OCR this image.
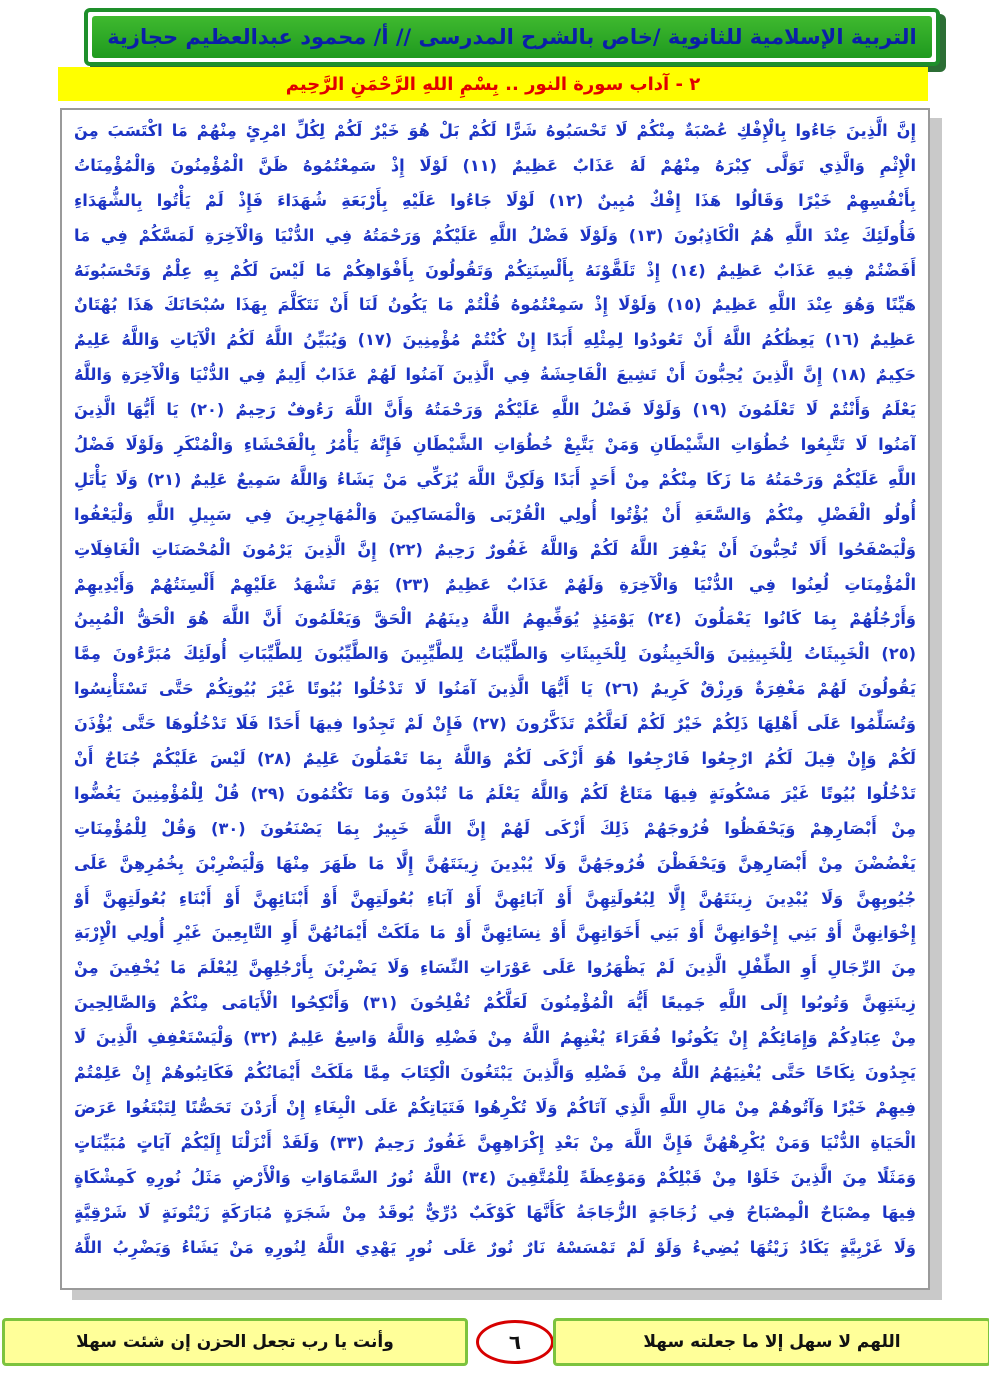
التربية الإسلامية للثانوية /خاص بالشرح المدرسى // أ/ محمود عبدالعظيم حجازية
٢ - آداب سورة النور .. بِسْمِ اللهِ الرَّحْمَنِ الرَّحِيم
إِنَّ الَّذِينَ جَاءُوا بِالْإِفْكِ عُصْبَةٌ مِنْكُمْ لَا تَحْسَبُوهُ شَرًّا لَكُمْ بَلْ هُوَ خَيْرٌ لَكُمْ لِكُلِّ امْرِئٍ مِنْهُمْ مَا اكْتَسَبَ مِنَ
الْإِثْمِ وَالَّذِي تَوَلَّى كِبْرَهُ مِنْهُمْ لَهُ عَذَابٌ عَظِيمٌ (١١) لَوْلَا إِذْ سَمِعْتُمُوهُ ظَنَّ الْمُؤْمِنُونَ وَالْمُؤْمِنَاتُ
بِأَنْفُسِهِمْ خَيْرًا وَقَالُوا هَذَا إِفْكٌ مُبِينٌ (١٢) لَوْلَا جَاءُوا عَلَيْهِ بِأَرْبَعَةِ شُهَدَاءَ فَإِذْ لَمْ يَأْتُوا بِالشُّهَدَاءِ
فَأُولَئِكَ عِنْدَ اللَّهِ هُمُ الْكَاذِبُونَ (١٣) وَلَوْلَا فَضْلُ اللَّهِ عَلَيْكُمْ وَرَحْمَتُهُ فِي الدُّنْيَا وَالْآخِرَةِ لَمَسَّكُمْ فِي مَا
أَفَضْتُمْ فِيهِ عَذَابٌ عَظِيمٌ (١٤) إِذْ تَلَقَّوْنَهُ بِأَلْسِنَتِكُمْ وَتَقُولُونَ بِأَفْوَاهِكُمْ مَا لَيْسَ لَكُمْ بِهِ عِلْمٌ وَتَحْسَبُونَهُ
هَيِّنًا وَهُوَ عِنْدَ اللَّهِ عَظِيمٌ (١٥) وَلَوْلَا إِذْ سَمِعْتُمُوهُ قُلْتُمْ مَا يَكُونُ لَنَا أَنْ نَتَكَلَّمَ بِهَذَا سُبْحَانَكَ هَذَا بُهْتَانٌ
عَظِيمٌ (١٦) يَعِظُكُمُ اللَّهُ أَنْ تَعُودُوا لِمِثْلِهِ أَبَدًا إِنْ كُنْتُمْ مُؤْمِنِينَ (١٧) وَيُبَيِّنُ اللَّهُ لَكُمُ الْآيَاتِ وَاللَّهُ عَلِيمٌ
حَكِيمٌ (١٨) إِنَّ الَّذِينَ يُحِبُّونَ أَنْ تَشِيعَ الْفَاحِشَةُ فِي الَّذِينَ آمَنُوا لَهُمْ عَذَابٌ أَلِيمٌ فِي الدُّنْيَا وَالْآخِرَةِ وَاللَّهُ
يَعْلَمُ وَأَنْتُمْ لَا تَعْلَمُونَ (١٩) وَلَوْلَا فَضْلُ اللَّهِ عَلَيْكُمْ وَرَحْمَتُهُ وَأَنَّ اللَّهَ رَءُوفٌ رَحِيمٌ (٢٠) يَا أَيُّهَا الَّذِينَ
آمَنُوا لَا تَتَّبِعُوا خُطُوَاتِ الشَّيْطَانِ وَمَنْ يَتَّبِعْ خُطُوَاتِ الشَّيْطَانِ فَإِنَّهُ يَأْمُرُ بِالْفَحْشَاءِ وَالْمُنْكَرِ وَلَوْلَا فَضْلُ
اللَّهِ عَلَيْكُمْ وَرَحْمَتُهُ مَا زَكَا مِنْكُمْ مِنْ أَحَدٍ أَبَدًا وَلَكِنَّ اللَّهَ يُزَكِّي مَنْ يَشَاءُ وَاللَّهُ سَمِيعٌ عَلِيمٌ (٢١) وَلَا يَأْتَلِ
أُولُو الْفَضْلِ مِنْكُمْ وَالسَّعَةِ أَنْ يُؤْتُوا أُولِي الْقُرْبَى وَالْمَسَاكِينَ وَالْمُهَاجِرِينَ فِي سَبِيلِ اللَّهِ وَلْيَعْفُوا
وَلْيَصْفَحُوا أَلَا تُحِبُّونَ أَنْ يَغْفِرَ اللَّهُ لَكُمْ وَاللَّهُ غَفُورٌ رَحِيمٌ (٢٢) إِنَّ الَّذِينَ يَرْمُونَ الْمُحْصَنَاتِ الْغَافِلَاتِ
الْمُؤْمِنَاتِ لُعِنُوا فِي الدُّنْيَا وَالْآخِرَةِ وَلَهُمْ عَذَابٌ عَظِيمٌ (٢٣) يَوْمَ تَشْهَدُ عَلَيْهِمْ أَلْسِنَتُهُمْ وَأَيْدِيهِمْ
وَأَرْجُلُهُمْ بِمَا كَانُوا يَعْمَلُونَ (٢٤) يَوْمَئِذٍ يُوَفِّيهِمُ اللَّهُ دِينَهُمُ الْحَقَّ وَيَعْلَمُونَ أَنَّ اللَّهَ هُوَ الْحَقُّ الْمُبِينُ
(٢٥) الْخَبِيثَاتُ لِلْخَبِيثِينَ وَالْخَبِيثُونَ لِلْخَبِيثَاتِ وَالطَّيِّبَاتُ لِلطَّيِّبِينَ وَالطَّيِّبُونَ لِلطَّيِّبَاتِ أُولَئِكَ مُبَرَّءُونَ مِمَّا
يَقُولُونَ لَهُمْ مَغْفِرَةٌ وَرِزْقٌ كَرِيمٌ (٢٦) يَا أَيُّهَا الَّذِينَ آمَنُوا لَا تَدْخُلُوا بُيُوتًا غَيْرَ بُيُوتِكُمْ حَتَّى تَسْتَأْنِسُوا
وَتُسَلِّمُوا عَلَى أَهْلِهَا ذَلِكُمْ خَيْرٌ لَكُمْ لَعَلَّكُمْ تَذَكَّرُونَ (٢٧) فَإِنْ لَمْ تَجِدُوا فِيهَا أَحَدًا فَلَا تَدْخُلُوهَا حَتَّى يُؤْذَنَ
لَكُمْ وَإِنْ قِيلَ لَكُمُ ارْجِعُوا فَارْجِعُوا هُوَ أَزْكَى لَكُمْ وَاللَّهُ بِمَا تَعْمَلُونَ عَلِيمٌ (٢٨) لَيْسَ عَلَيْكُمْ جُنَاحٌ أَنْ
تَدْخُلُوا بُيُوتًا غَيْرَ مَسْكُونَةٍ فِيهَا مَتَاعٌ لَكُمْ وَاللَّهُ يَعْلَمُ مَا تُبْدُونَ وَمَا تَكْتُمُونَ (٢٩) قُلْ لِلْمُؤْمِنِينَ يَغُضُّوا
مِنْ أَبْصَارِهِمْ وَيَحْفَظُوا فُرُوجَهُمْ ذَلِكَ أَزْكَى لَهُمْ إِنَّ اللَّهَ خَبِيرٌ بِمَا يَصْنَعُونَ (٣٠) وَقُلْ لِلْمُؤْمِنَاتِ
يَغْضُضْنَ مِنْ أَبْصَارِهِنَّ وَيَحْفَظْنَ فُرُوجَهُنَّ وَلَا يُبْدِينَ زِينَتَهُنَّ إِلَّا مَا ظَهَرَ مِنْهَا وَلْيَضْرِبْنَ بِخُمُرِهِنَّ عَلَى
جُيُوبِهِنَّ وَلَا يُبْدِينَ زِينَتَهُنَّ إِلَّا لِبُعُولَتِهِنَّ أَوْ آبَائِهِنَّ أَوْ آبَاءِ بُعُولَتِهِنَّ أَوْ أَبْنَائِهِنَّ أَوْ أَبْنَاءِ بُعُولَتِهِنَّ أَوْ
إِخْوَانِهِنَّ أَوْ بَنِي إِخْوَانِهِنَّ أَوْ بَنِي أَخَوَاتِهِنَّ أَوْ نِسَائِهِنَّ أَوْ مَا مَلَكَتْ أَيْمَانُهُنَّ أَوِ التَّابِعِينَ غَيْرِ أُولِي الْإِرْبَةِ
مِنَ الرِّجَالِ أَوِ الطِّفْلِ الَّذِينَ لَمْ يَظْهَرُوا عَلَى عَوْرَاتِ النِّسَاءِ وَلَا يَضْرِبْنَ بِأَرْجُلِهِنَّ لِيُعْلَمَ مَا يُخْفِينَ مِنْ
زِينَتِهِنَّ وَتُوبُوا إِلَى اللَّهِ جَمِيعًا أَيُّهَ الْمُؤْمِنُونَ لَعَلَّكُمْ تُفْلِحُونَ (٣١) وَأَنْكِحُوا الْأَيَامَى مِنْكُمْ وَالصَّالِحِينَ
مِنْ عِبَادِكُمْ وَإِمَائِكُمْ إِنْ يَكُونُوا فُقَرَاءَ يُغْنِهِمُ اللَّهُ مِنْ فَضْلِهِ وَاللَّهُ وَاسِعٌ عَلِيمٌ (٣٢) وَلْيَسْتَعْفِفِ الَّذِينَ لَا
يَجِدُونَ نِكَاحًا حَتَّى يُغْنِيَهُمُ اللَّهُ مِنْ فَضْلِهِ وَالَّذِينَ يَبْتَغُونَ الْكِتَابَ مِمَّا مَلَكَتْ أَيْمَانُكُمْ فَكَاتِبُوهُمْ إِنْ عَلِمْتُمْ
فِيهِمْ خَيْرًا وَآتُوهُمْ مِنْ مَالِ اللَّهِ الَّذِي آتَاكُمْ وَلَا تُكْرِهُوا فَتَيَاتِكُمْ عَلَى الْبِغَاءِ إِنْ أَرَدْنَ تَحَصُّنًا لِتَبْتَغُوا عَرَضَ
الْحَيَاةِ الدُّنْيَا وَمَنْ يُكْرِهْهُنَّ فَإِنَّ اللَّهَ مِنْ بَعْدِ إِكْرَاهِهِنَّ غَفُورٌ رَحِيمٌ (٣٣) وَلَقَدْ أَنْزَلْنَا إِلَيْكُمْ آيَاتٍ مُبَيِّنَاتٍ
وَمَثَلًا مِنَ الَّذِينَ خَلَوْا مِنْ قَبْلِكُمْ وَمَوْعِظَةً لِلْمُتَّقِينَ (٣٤) اللَّهُ نُورُ السَّمَاوَاتِ وَالْأَرْضِ مَثَلُ نُورِهِ كَمِشْكَاةٍ
فِيهَا مِصْبَاحٌ الْمِصْبَاحُ فِي زُجَاجَةٍ الزُّجَاجَةُ كَأَنَّهَا كَوْكَبٌ دُرِّيٌّ يُوقَدُ مِنْ شَجَرَةٍ مُبَارَكَةٍ زَيْتُونَةٍ لَا شَرْقِيَّةٍ
وَلَا غَرْبِيَّةٍ يَكَادُ زَيْتُهَا يُضِيءُ وَلَوْ لَمْ تَمْسَسْهُ نَارٌ نُورٌ عَلَى نُورٍ يَهْدِي اللَّهُ لِنُورِهِ مَنْ يَشَاءُ وَيَضْرِبُ اللَّهُ
وأنت يا رب تجعل الحزن إن شئت سهلا	٦	اللهم لا سهل إلا ما جعلته سهلا
